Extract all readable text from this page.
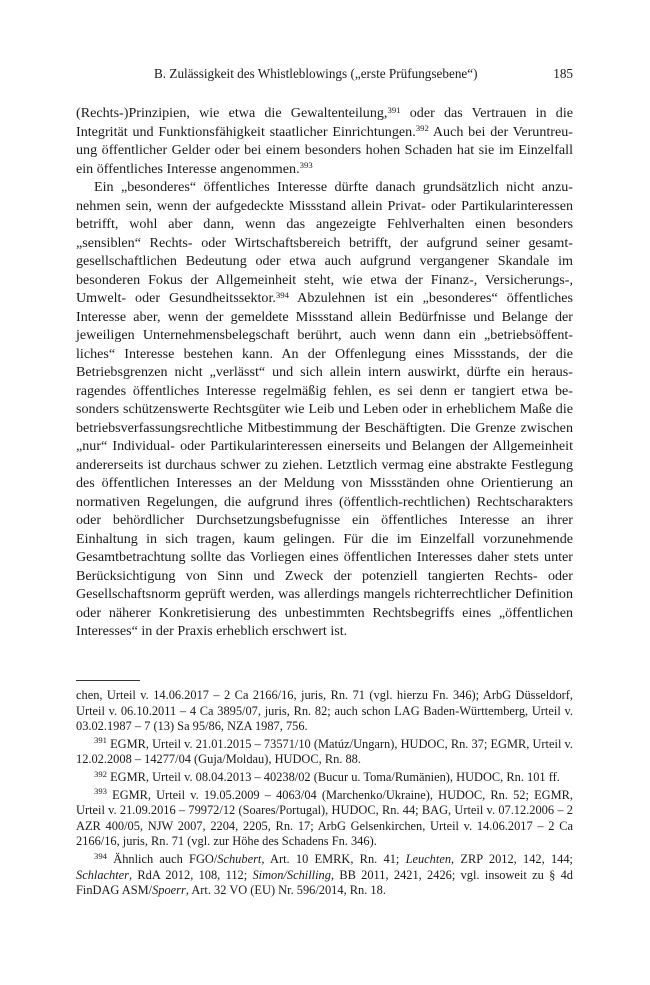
B. Zulässigkeit des Whistleblowings („erste Prüfungsebene“)	185

(Rechts-)Prinzipien, wie etwa die Gewaltenteilung,$^{391}$ oder das Vertrauen in die Integrität und Funktionsfähigkeit staatlicher Einrichtungen.$^{392}$ Auch bei der Veruntreuung öffentlicher Gelder oder bei einem besonders hohen Schaden hat sie im Einzelfall ein öffentliches Interesse angenommen.$^{393}$

Ein „besonderes“ öffentliches Interesse dürfte danach grundsätzlich nicht anzunehmen sein, wenn der aufgedeckte Missstand allein Privat- oder Partikularinteressen betrifft, wohl aber dann, wenn das angezeigte Fehlverhalten einen besonders „sensiblen“ Rechts- oder Wirtschaftsbereich betrifft, der aufgrund seiner gesamtgesellschaftlichen Bedeutung oder etwa auch aufgrund vergangener Skandale im besonderen Fokus der Allgemeinheit steht, wie etwa der Finanz-, Versicherungs-, Umwelt- oder Gesundheitssektor.$^{394}$ Abzulehnen ist ein „besonderes“ öffentliches Interesse aber, wenn der gemeldete Missstand allein Bedürfnisse und Belange der jeweiligen Unternehmensbelegschaft berührt, auch wenn dann ein „betriebsöffentliches“ Interesse bestehen kann. An der Offenlegung eines Missstands, der die Betriebsgrenzen nicht „verlässt“ und sich allein intern auswirkt, dürfte ein herausragendes öffentliches Interesse regelmäßig fehlen, es sei denn er tangiert etwa besonders schützenswerte Rechtsgüter wie Leib und Leben oder in erheblichem Maße die betriebsverfassungsrechtliche Mitbestimmung der Beschäftigten. Die Grenze zwischen „nur“ Individual- oder Partikularinteressen einerseits und Belangen der Allgemeinheit andererseits ist durchaus schwer zu ziehen. Letztlich vermag eine abstrakte Festlegung des öffentlichen Interesses an der Meldung von Missständen ohne Orientierung an normativen Regelungen, die aufgrund ihres (öffentlich-rechtlichen) Rechtscharakters oder behördlicher Durchsetzungsbefugnisse ein öffentliches Interesse an ihrer Einhaltung in sich tragen, kaum gelingen. Für die im Einzelfall vorzunehmende Gesamtbetrachtung sollte das Vorliegen eines öffentlichen Interesses daher stets unter Berücksichtigung von Sinn und Zweck der potenziell tangierten Rechts- oder Gesellschaftsnorm geprüft werden, was allerdings mangels richterrechtlicher Definition oder näherer Konkretisierung des unbestimmten Rechtsbegriffs eines „öffentlichen Interesses“ in der Praxis erheblich erschwert ist.

chen, Urteil v. 14.06.2017 – 2 Ca 2166/16, juris, Rn. 71 (vgl. hierzu Fn. 346); ArbG Düsseldorf, Urteil v. 06.10.2011 – 4 Ca 3895/07, juris, Rn. 82; auch schon LAG Baden-Württemberg, Urteil v. 03.02.1987 – 7 (13) Sa 95/86, NZA 1987, 756.

$^{391}$ EGMR, Urteil v. 21.01.2015 – 73571/10 (Matúz/Ungarn), HUDOC, Rn. 37; EGMR, Urteil v. 12.02.2008 – 14277/04 (Guja/Moldau), HUDOC, Rn. 88.

$^{392}$ EGMR, Urteil v. 08.04.2013 – 40238/02 (Bucur u. Toma/Rumänien), HUDOC, Rn. 101 ff.

$^{393}$ EGMR, Urteil v. 19.05.2009 – 4063/04 (Marchenko/Ukraine), HUDOC, Rn. 52; EGMR, Urteil v. 21.09.2016 – 79972/12 (Soares/Portugal), HUDOC, Rn. 44; BAG, Urteil v. 07.12.2006 – 2 AZR 400/05, NJW 2007, 2204, 2205, Rn. 17; ArbG Gelsenkirchen, Urteil v. 14.06.2017 – 2 Ca 2166/16, juris, Rn. 71 (vgl. zur Höhe des Schadens Fn. 346).

$^{394}$ Ähnlich auch FGO/Schubert, Art. 10 EMRK, Rn. 41; Leuchten, ZRP 2012, 142, 144; Schlachter, RdA 2012, 108, 112; Simon/Schilling, BB 2011, 2421, 2426; vgl. insoweit zu § 4d FinDAG ASM/Spoerr, Art. 32 VO (EU) Nr. 596/2014, Rn. 18.
